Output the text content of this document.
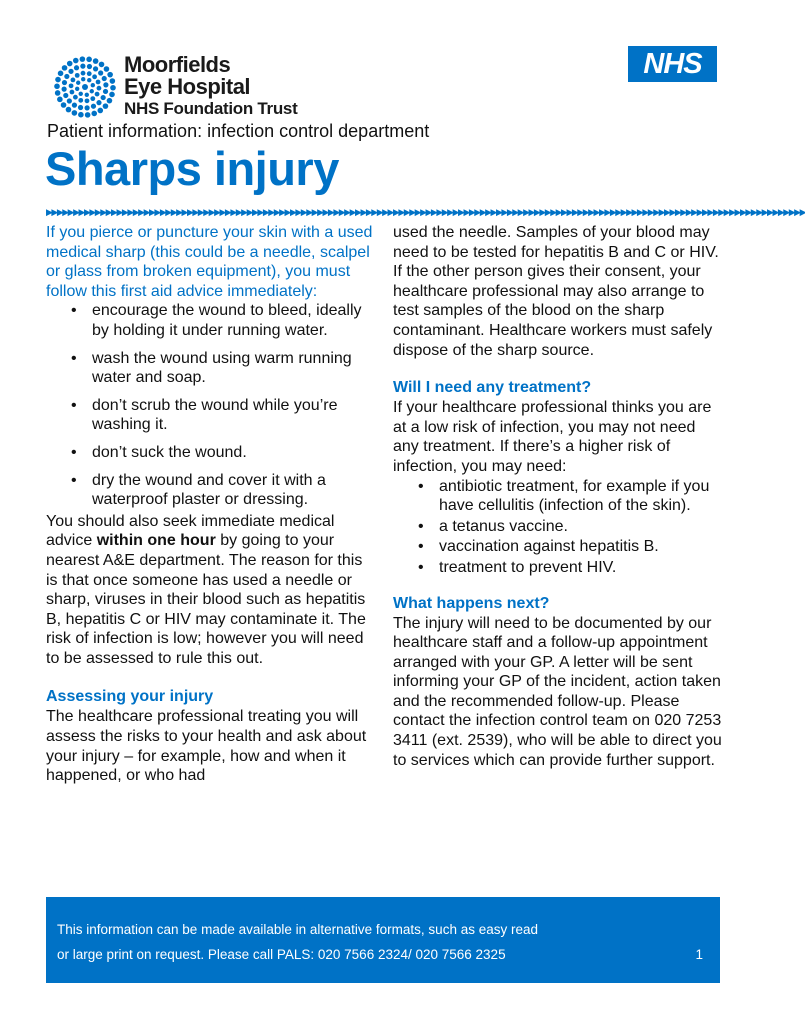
Moorfields
Eye Hospital
NHS Foundation Trust
NHS
Patient information: infection control department
Sharps injury
▶▶▶▶▶▶▶▶▶▶▶▶▶▶▶▶▶▶▶▶▶▶▶▶▶▶▶▶▶▶▶▶▶▶▶▶▶▶▶▶▶▶▶▶▶▶▶▶▶▶▶▶▶▶▶▶▶▶▶▶▶▶▶▶▶▶▶▶▶▶▶▶▶▶▶▶▶▶▶▶▶▶▶▶▶▶▶▶▶▶▶▶▶▶▶▶▶▶▶▶▶▶▶▶▶▶▶▶▶▶▶▶▶▶▶▶▶▶▶▶▶▶▶▶▶▶▶▶▶▶▶▶▶▶▶▶▶▶▶▶

If you pierce or puncture your skin with a used medical sharp (this could be a needle, scalpel or glass from broken equipment), you must follow this first aid advice immediately:

• encourage the wound to bleed, ideally by holding it under running water.
• wash the wound using warm running water and soap.
• don’t scrub the wound while you’re washing it.
• don’t suck the wound.
• dry the wound and cover it with a waterproof plaster or dressing.

You should also seek immediate medical advice within one hour by going to your nearest A&E department. The reason for this is that once someone has used a needle or sharp, viruses in their blood such as hepatitis B, hepatitis C or HIV may contaminate it. The risk of infection is low; however you will need to be assessed to rule this out.

Assessing your injury

The healthcare professional treating you will assess the risks to your health and ask about your injury – for example, how and when it happened, or who had

used the needle. Samples of your blood may need to be tested for hepatitis B and C or HIV.

If the other person gives their consent, your healthcare professional may also arrange to test samples of the blood on the sharp contaminant. Healthcare workers must safely dispose of the sharp source.

Will I need any treatment?

If your healthcare professional thinks you are at a low risk of infection, you may not need any treatment. If there’s a higher risk of infection, you may need:

• antibiotic treatment, for example if you have cellulitis (infection of the skin).
• a tetanus vaccine.
• vaccination against hepatitis B.
• treatment to prevent HIV.
What happens next?

The injury will need to be documented by our healthcare staff and a follow-up appointment arranged with your GP. A letter will be sent informing your GP of the incident, action taken and the recommended follow-up. Please contact the infection control team on 020 7253 3411 (ext. 2539), who will be able to direct you to services which can provide further support.

This information can be made available in alternative formats, such as easy read
or large print on request. Please call PALS: 020 7566 2324/ 020 7566 2325	1
